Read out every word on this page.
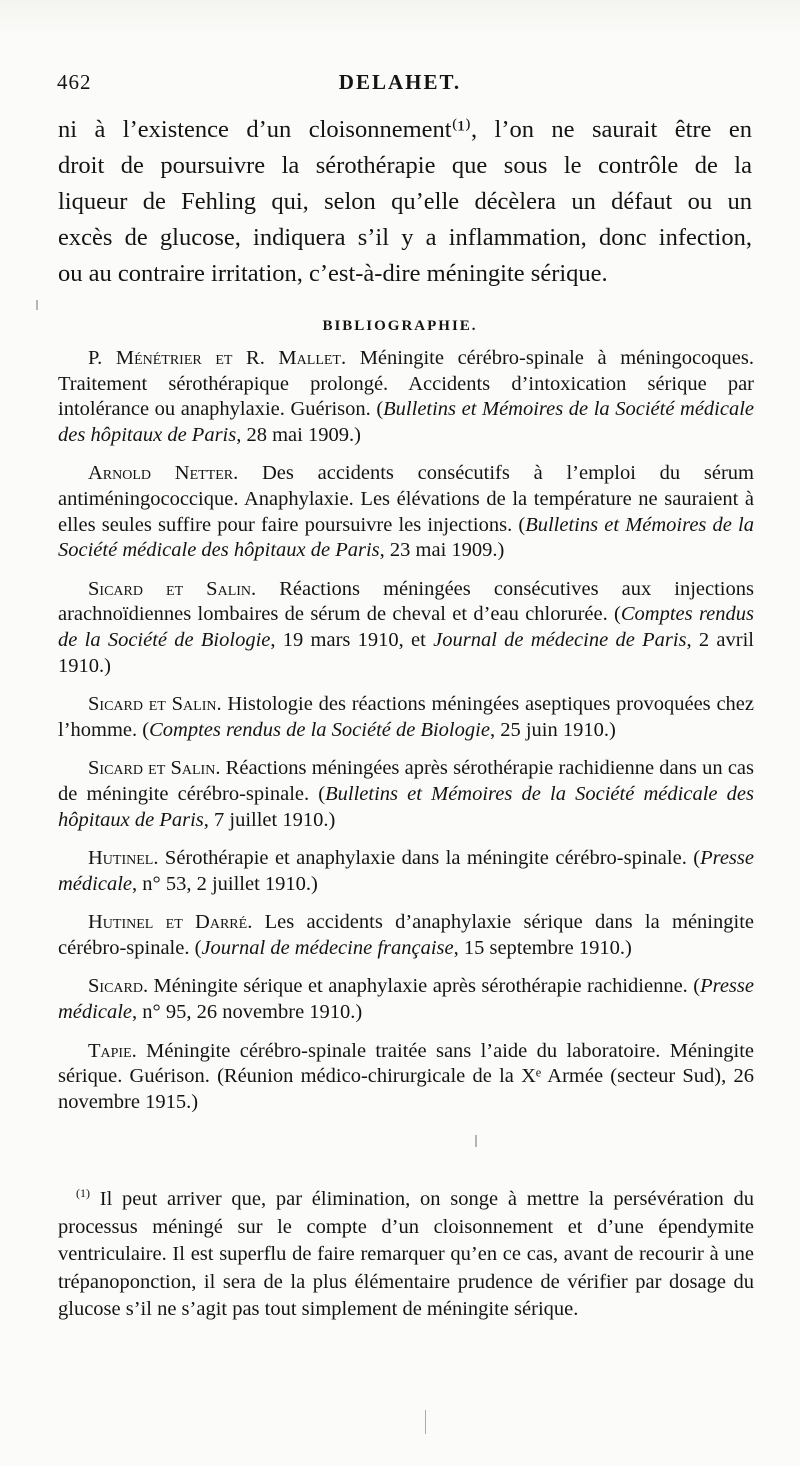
462	DELAHET.
ni à l’existence d’un cloisonnement⁽¹⁾, l’on ne saurait être en
droit de poursuivre la sérothérapie que sous le contrôle de la
liqueur de Fehling qui, selon qu’elle décèlera un défaut ou un
excès de glucose, indiquera s’il y a inflammation, donc infection,
ou au contraire irritation, c’est-à-dire méningite sérique.
BIBLIOGRAPHIE.

P. Ménétrier et R. Mallet. Méningite cérébro-spinale à méningocoques. Traitement sérothérapique prolongé. Accidents d’intoxication sérique par intolérance ou anaphylaxie. Guérison. (Bulletins et Mémoires de la Société médicale des hôpitaux de Paris, 28 mai 1909.)

Arnold Netter. Des accidents consécutifs à l’emploi du sérum antiméningococcique. Anaphylaxie. Les élévations de la température ne sauraient à elles seules suffire pour faire poursuivre les injections. (Bulletins et Mémoires de la Société médicale des hôpitaux de Paris, 23 mai 1909.)

Sicard et Salin. Réactions méningées consécutives aux injections arachnoïdiennes lombaires de sérum de cheval et d’eau chlorurée. (Comptes rendus de la Société de Biologie, 19 mars 1910, et Journal de médecine de Paris, 2 avril 1910.)

Sicard et Salin. Histologie des réactions méningées aseptiques provoquées chez l’homme. (Comptes rendus de la Société de Biologie, 25 juin 1910.)

Sicard et Salin. Réactions méningées après sérothérapie rachidienne dans un cas de méningite cérébro-spinale. (Bulletins et Mémoires de la Société médicale des hôpitaux de Paris, 7 juillet 1910.)

Hutinel. Sérothérapie et anaphylaxie dans la méningite cérébro-spinale. (Presse médicale, n° 53, 2 juillet 1910.)

Hutinel et Darré. Les accidents d’anaphylaxie sérique dans la méningite cérébro-spinale. (Journal de médecine française, 15 septembre 1910.)

Sicard. Méningite sérique et anaphylaxie après sérothérapie rachidienne. (Presse médicale, n° 95, 26 novembre 1910.)

Tapie. Méningite cérébro-spinale traitée sans l’aide du laboratoire. Méningite sérique. Guérison. (Réunion médico-chirurgicale de la Xᵉ Armée (secteur Sud), 26 novembre 1915.)

$^{(1)}$ Il peut arriver que, par élimination, on songe à mettre la persévération du processus méningé sur le compte d’un cloisonnement et d’une épendymite ventriculaire. Il est superflu de faire remarquer qu’en ce cas, avant de recourir à une trépanoponction, il sera de la plus élémentaire prudence de vérifier par dosage du glucose s’il ne s’agit pas tout simplement de méningite sérique.
